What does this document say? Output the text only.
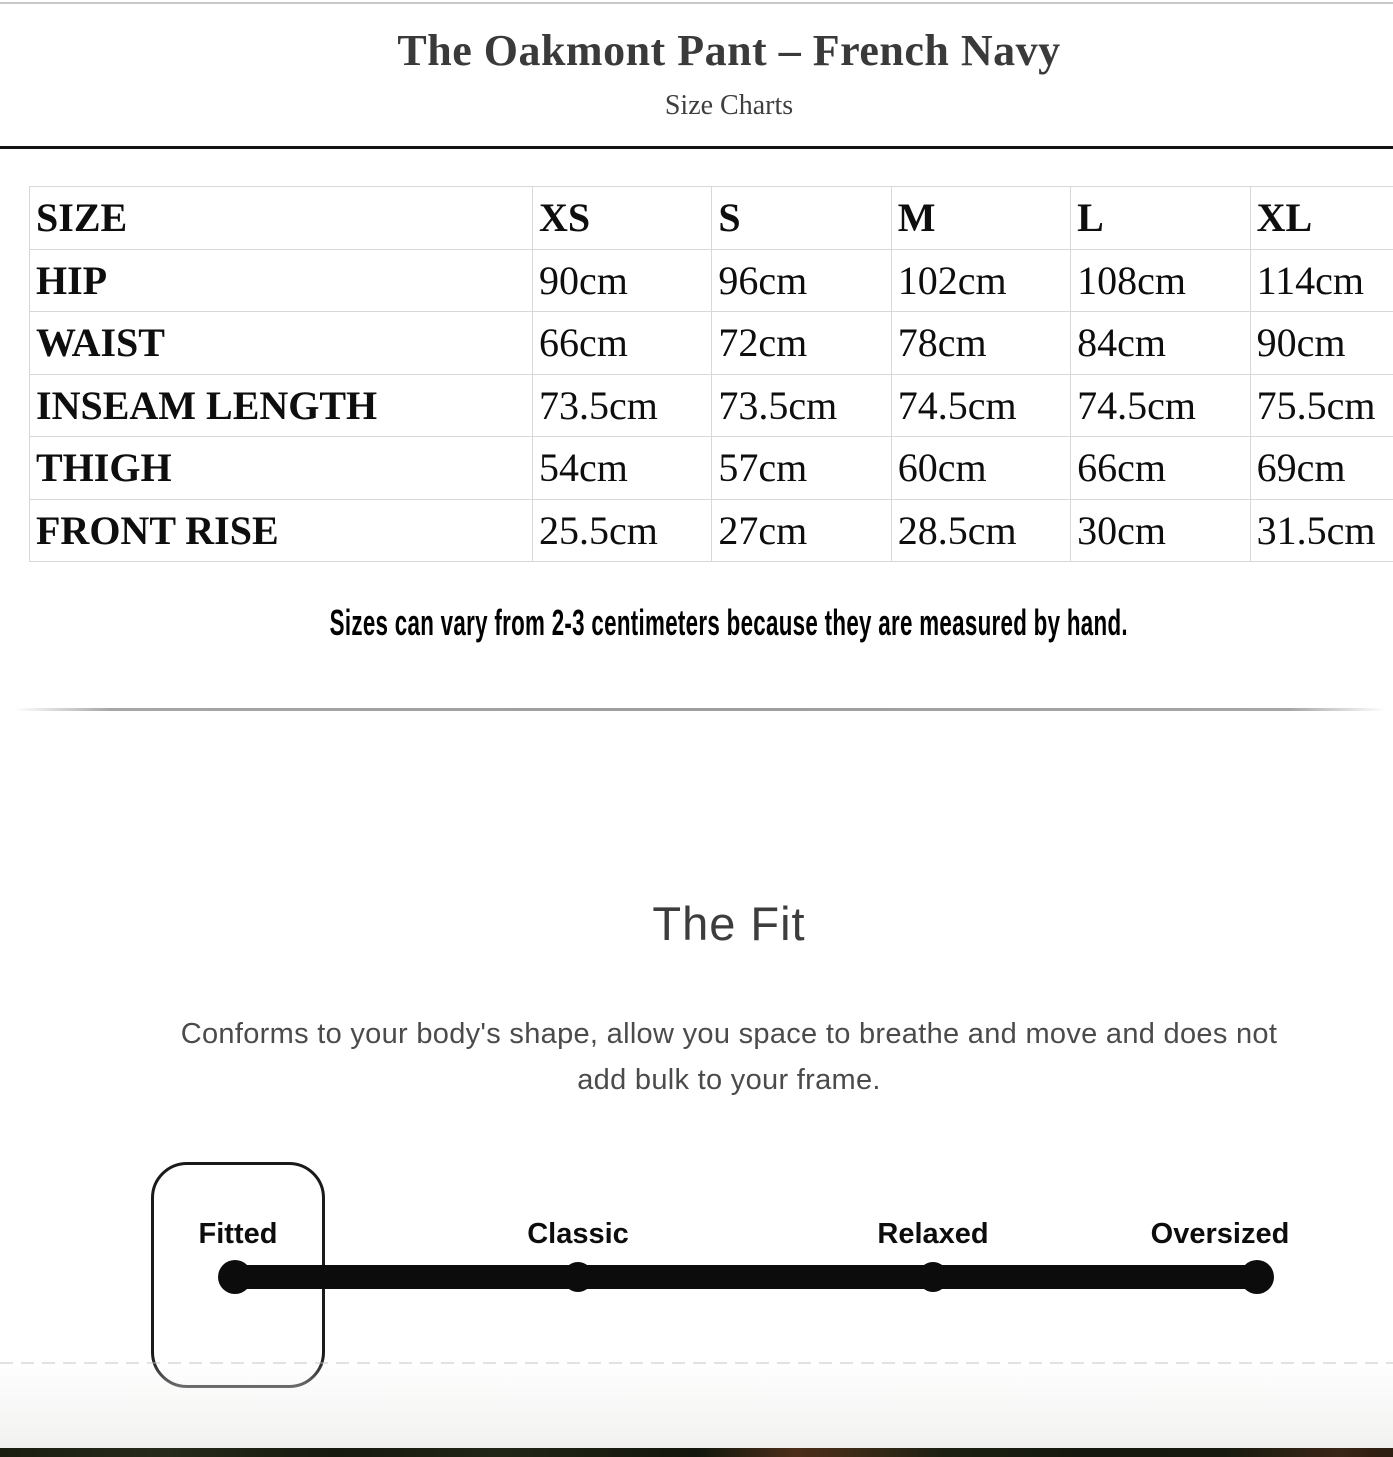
The Oakmont Pant – French Navy
Size Charts
SIZE	XS	S	M	L	XL
HIP	90cm	96cm	102cm	108cm	114cm
WAIST	66cm	72cm	78cm	84cm	90cm
INSEAM LENGTH	73.5cm	73.5cm	74.5cm	74.5cm	75.5cm
THIGH	54cm	57cm	60cm	66cm	69cm
FRONT RISE	25.5cm	27cm	28.5cm	30cm	31.5cm
Sizes can vary from 2-3 centimeters because they are measured by hand.
The Fit
Conforms to your body's shape, allow you space to breathe and move and does not add bulk to your frame.
Fitted	Classic	Relaxed	Oversized
